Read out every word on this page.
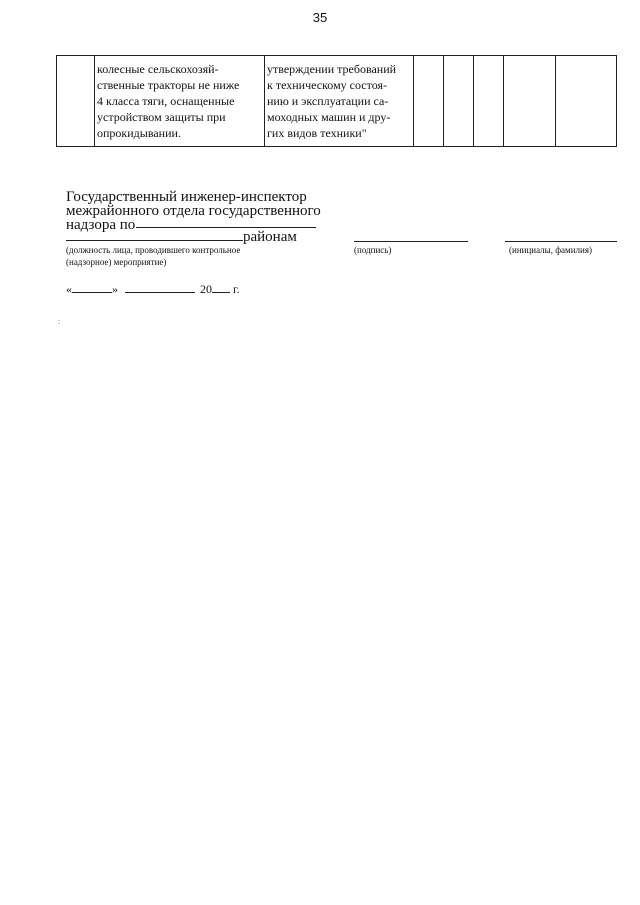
35
	колесные сельскохозяй-
ственные тракторы не ниже
4 класса тяги, оснащенные
устройством защиты при
опрокидывании.	утверждении требований
к техническому состоя-
нию и эксплуатации са-
моходных машин и дру-
гих видов техники"					

Государственный инженер-инспектор
межрайонного отдела государственного
надзора по

районам
(должность лица, проводившего контрольное
(надзорное) мероприятие)
(подпись)	(инициалы, фамилия)
«	»	20 г.
:
